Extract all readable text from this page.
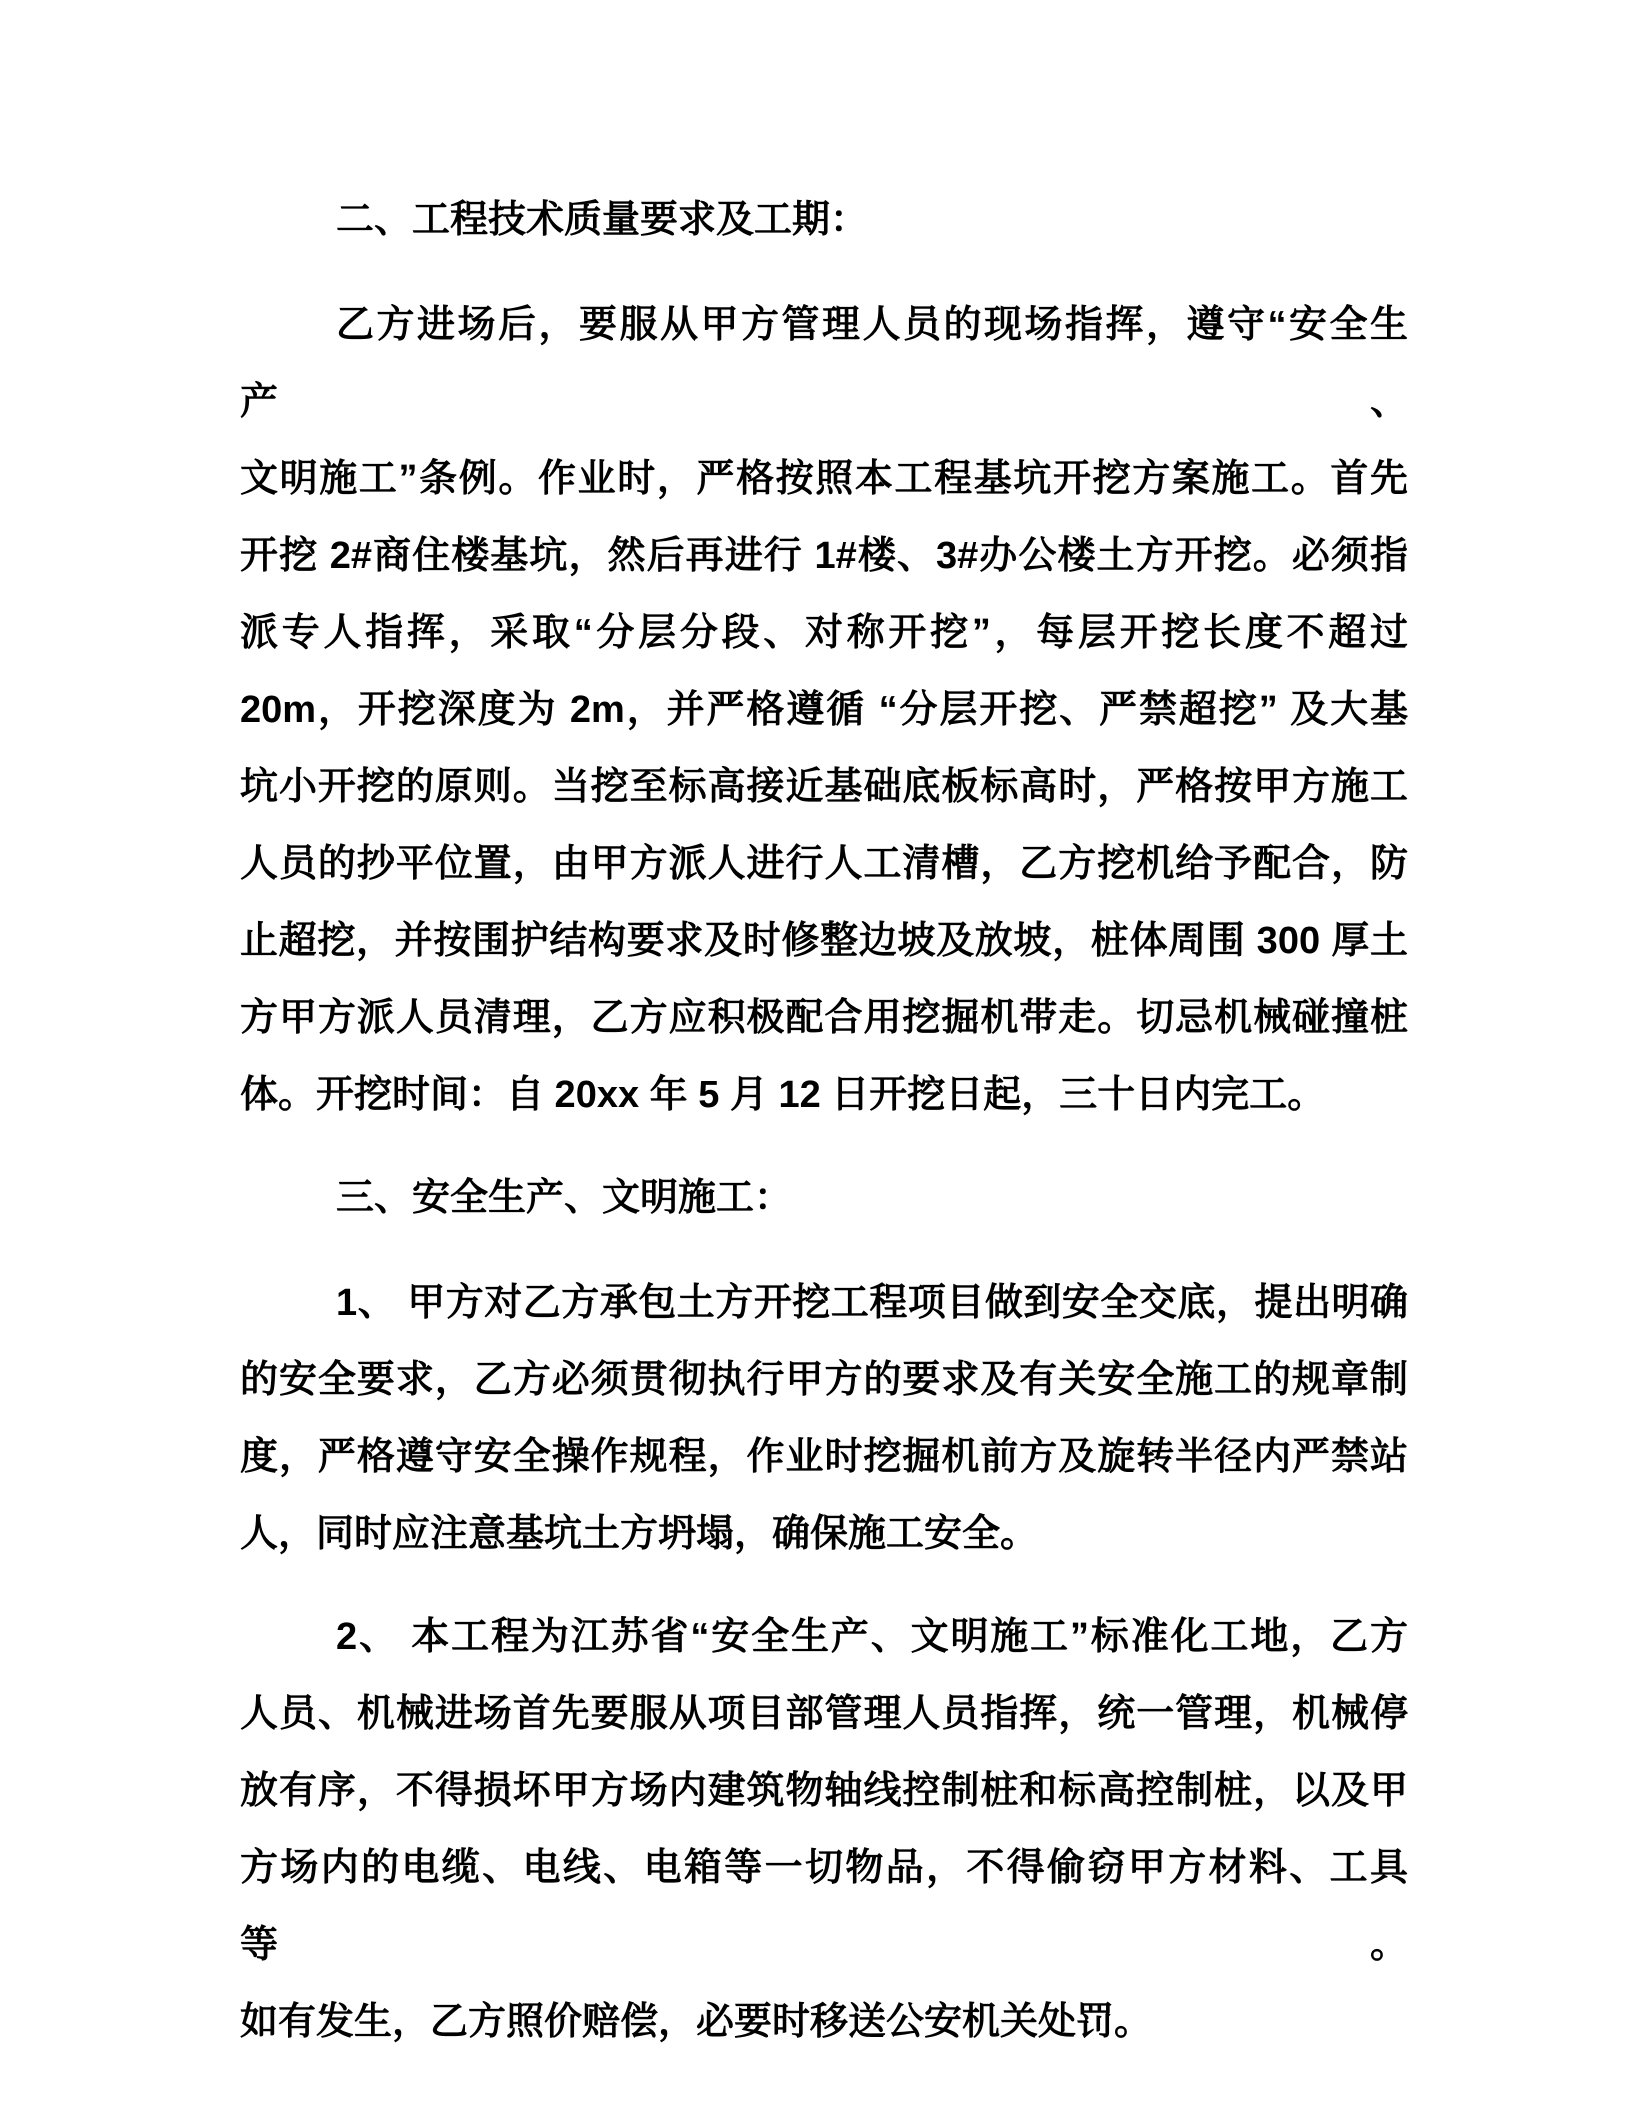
二、工程技术质量要求及工期：
乙方进场后，要服从甲方管理人员的现场指挥，遵守“安全生产、
文明施工”条例。作业时，严格按照本工程基坑开挖方案施工。首先
开挖 2#商住楼基坑，然后再进行 1#楼、3#办公楼土方开挖。必须指
派专人指挥，采取“分层分段、对称开挖”，每层开挖长度不超过
20m，开挖深度为 2m，并严格遵循 “分层开挖、严禁超挖” 及大基
坑小开挖的原则。当挖至标高接近基础底板标高时，严格按甲方施工
人员的抄平位置，由甲方派人进行人工清槽，乙方挖机给予配合，防
止超挖，并按围护结构要求及时修整边坡及放坡，桩体周围 300 厚土
方甲方派人员清理，乙方应积极配合用挖掘机带走。切忌机械碰撞桩
体。开挖时间：自 20xx 年 5 月 12 日开挖日起，三十日内完工。
三、安全生产、文明施工：
1、 甲方对乙方承包土方开挖工程项目做到安全交底，提出明确
的安全要求，乙方必须贯彻执行甲方的要求及有关安全施工的规章制
度，严格遵守安全操作规程，作业时挖掘机前方及旋转半径内严禁站
人，同时应注意基坑土方坍塌，确保施工安全。
2、 本工程为江苏省“安全生产、文明施工”标准化工地，乙方
人员、机械进场首先要服从项目部管理人员指挥，统一管理，机械停
放有序，不得损坏甲方场内建筑物轴线控制桩和标高控制桩，以及甲
方场内的电缆、电线、电箱等一切物品，不得偷窃甲方材料、工具等。
如有发生，乙方照价赔偿，必要时移送公安机关处罚。
